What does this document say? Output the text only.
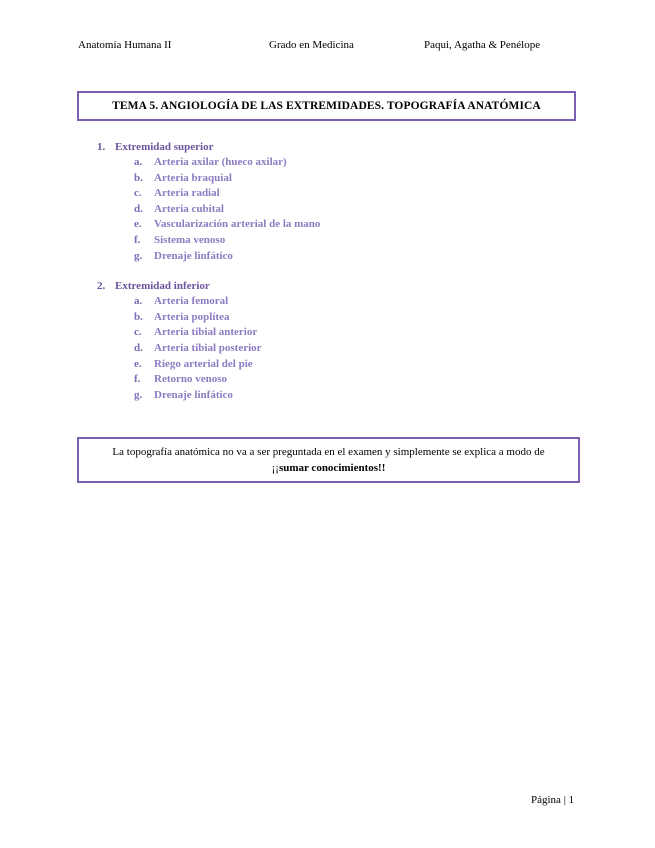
Anatomía Humana II	Grado en Medicina	Paqui, Agatha & Penélope
TEMA 5. ANGIOLOGÍA DE LAS EXTREMIDADES. TOPOGRAFÍA ANATÓMICA
1. Extremidad superior
a. Arteria axilar (hueco axilar)
b. Arteria braquial
c. Arteria radial
d. Arteria cubital
e. Vascularización arterial de la mano
f. Sistema venoso
g. Drenaje linfático
2. Extremidad inferior
a. Arteria femoral
b. Arteria poplítea
c. Arteria tibial anterior
d. Arteria tibial posterior
e. Riego arterial del pie
f. Retorno venoso
g. Drenaje linfático
La topografía anatómica no va a ser preguntada en el examen y simplemente se explica a modo de
¡¡sumar conocimientos!!
Página | 1
